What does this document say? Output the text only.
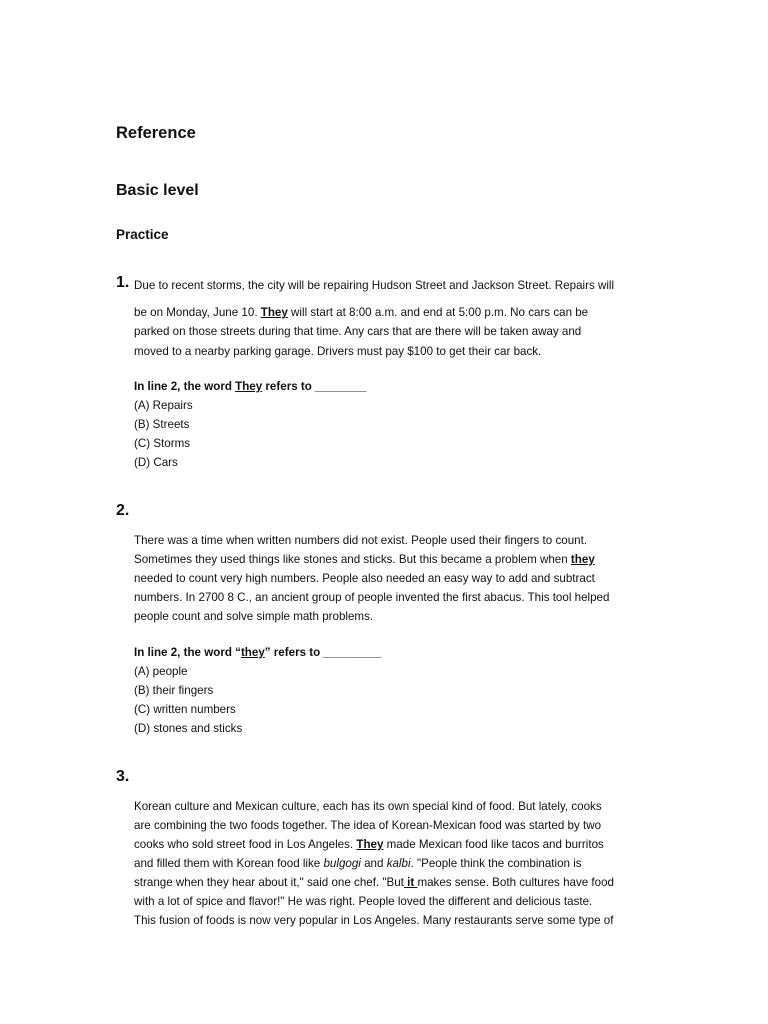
Reference
Basic level
Practice
1. Due to recent storms, the city will be repairing Hudson Street and Jackson Street. Repairs will
be on Monday, June 10. They will start at 8:00 a.m. and end at 5:00 p.m. No cars can be
parked on those streets during that time. Any cars that are there will be taken away and
moved to a nearby parking garage. Drivers must pay $100 to get their car back.

In line 2, the word They refers to ________

(A) Repairs

(B) Streets

(C) Storms

(D) Cars

2.
There was a time when written numbers did not exist. People used their fingers to count.
Sometimes they used things like stones and sticks. But this became a problem when they
needed to count very high numbers. People also needed an easy way to add and subtract
numbers. In 2700 8 C., an ancient group of people invented the first abacus. This tool helped
people count and solve simple math problems.

In line 2, the word “they” refers to _________

(A) people

(B) their fingers

(C) written numbers

(D) stones and sticks

3.
Korean culture and Mexican culture, each has its own special kind of food. But lately, cooks
are combining the two foods together. The idea of Korean-Mexican food was started by two
cooks who sold street food in Los Angeles. They made Mexican food like tacos and burritos
and filled them with Korean food like bulgogi and kalbi. "People think the combination is
strange when they hear about it," said one chef. "But it makes sense. Both cultures have food
with a lot of spice and flavor!" He was right. People loved the different and delicious taste.
This fusion of foods is now very popular in Los Angeles. Many restaurants serve some type of
